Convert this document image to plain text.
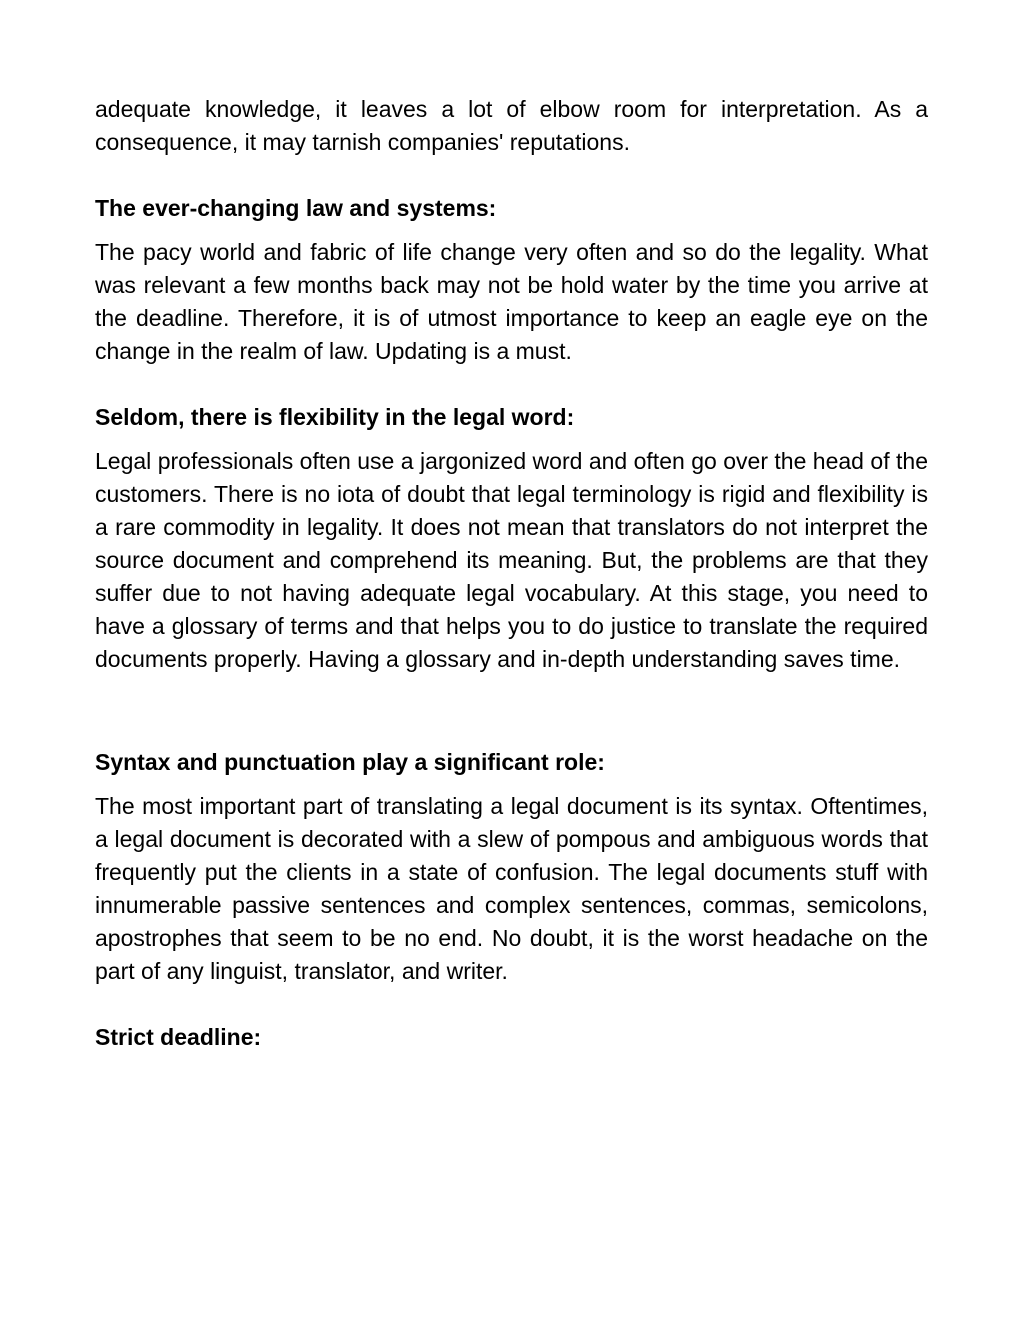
adequate knowledge, it leaves a lot of elbow room for interpretation. As a consequence, it may tarnish companies' reputations.

The ever-changing law and systems:

The pacy world and fabric of life change very often and so do the legality. What was relevant a few months back may not be hold water by the time you arrive at the deadline. Therefore, it is of utmost importance to keep an eagle eye on the change in the realm of law. Updating is a must.

Seldom, there is flexibility in the legal word:

Legal professionals often use a jargonized word and often go over the head of the customers. There is no iota of doubt that legal terminology is rigid and flexibility is a rare commodity in legality. It does not mean that translators do not interpret the source document and comprehend its meaning. But, the problems are that they suffer due to not having adequate legal vocabulary. At this stage, you need to have a glossary of terms and that helps you to do justice to translate the required documents properly. Having a glossary and in-depth understanding saves time.

Syntax and punctuation play a significant role:

The most important part of translating a legal document is its syntax. Oftentimes, a legal document is decorated with a slew of pompous and ambiguous words that frequently put the clients in a state of confusion. The legal documents stuff with innumerable passive sentences and complex sentences, commas, semicolons, apostrophes that seem to be no end. No doubt, it is the worst headache on the part of any linguist, translator, and writer.

Strict deadline:
